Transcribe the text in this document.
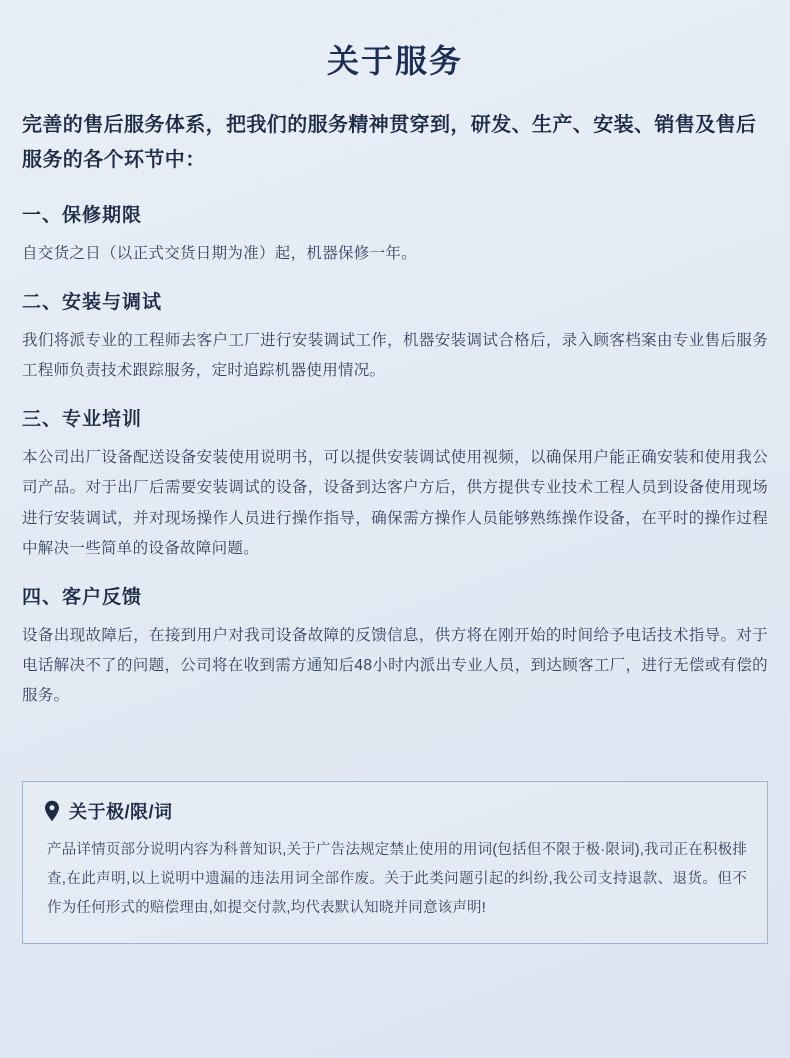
关于服务

完善的售后服务体系，把我们的服务精神贯穿到，研发、生产、安装、销售及售后服务的各个环节中：

一、保修期限

自交货之日（以正式交货日期为准）起，机器保修一年。

二、安装与调试

我们将派专业的工程师去客户工厂进行安装调试工作，机器安装调试合格后，录入顾客档案由专业售后服务工程师负责技术跟踪服务，定时追踪机器使用情况。

三、专业培训

本公司出厂设备配送设备安装使用说明书，可以提供安装调试使用视频，以确保用户能正确安装和使用我公司产品。对于出厂后需要安装调试的设备，设备到达客户方后，供方提供专业技术工程人员到设备使用现场进行安装调试，并对现场操作人员进行操作指导，确保需方操作人员能够熟练操作设备，在平时的操作过程中解决一些简单的设备故障问题。

四、客户反馈

设备出现故障后，在接到用户对我司设备故障的反馈信息，供方将在刚开始的时间给予电话技术指导。对于电话解决不了的问题，公司将在收到需方通知后48小时内派出专业人员，到达顾客工厂，进行无偿或有偿的服务。

关于极/限/词

产品详情页部分说明内容为科普知识,关于广告法规定禁止使用的用词(包括但不限于极·限词),我司正在积极排查,在此声明,以上说明中遗漏的违法用词全部作废。关于此类问题引起的纠纷,我公司支持退款、退货。但不作为任何形式的赔偿理由,如提交付款,均代表默认知晓并同意该声明!
